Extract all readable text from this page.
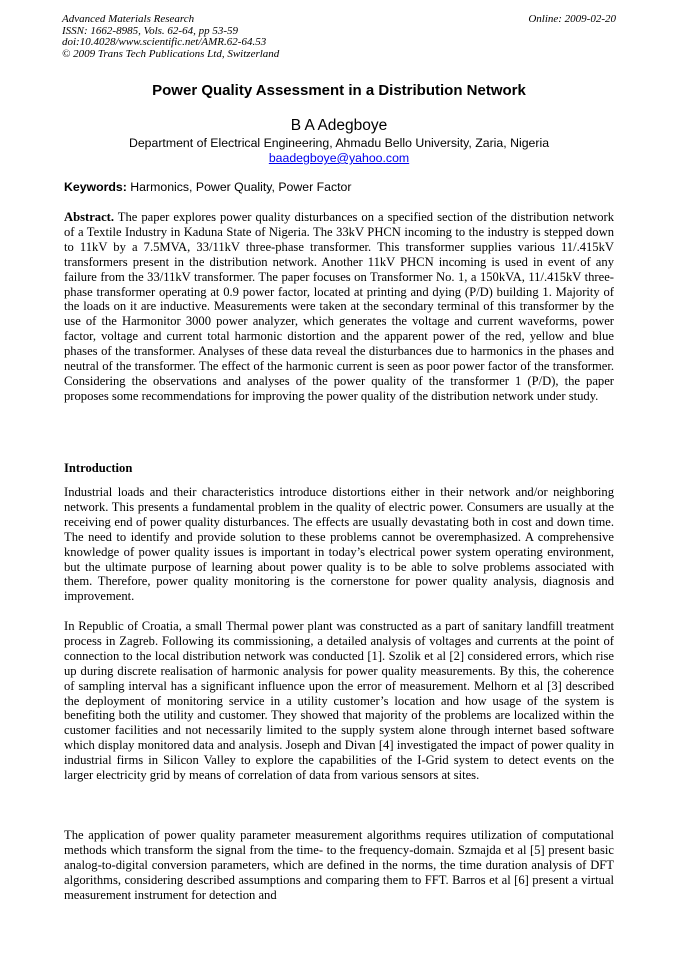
Advanced Materials Research
ISSN: 1662-8985, Vols. 62-64, pp 53-59
doi:10.4028/www.scientific.net/AMR.62-64.53
© 2009 Trans Tech Publications Ltd, Switzerland
Online: 2009-02-20
Power Quality Assessment in a Distribution Network
B A Adegboye
Department of Electrical Engineering, Ahmadu Bello University, Zaria, Nigeria
baadegboye@yahoo.com
Keywords: Harmonics, Power Quality, Power Factor
Abstract. The paper explores power quality disturbances on a specified section of the distribution network of a Textile Industry in Kaduna State of Nigeria. The 33kV PHCN incoming to the industry is stepped down to 11kV by a 7.5MVA, 33/11kV three-phase transformer. This transformer supplies various 11/.415kV transformers present in the distribution network. Another 11kV PHCN incoming is used in event of any failure from the 33/11kV transformer. The paper focuses on Transformer No. 1, a 150kVA, 11/.415kV three-phase transformer operating at 0.9 power factor, located at printing and dying (P/D) building 1. Majority of the loads on it are inductive. Measurements were taken at the secondary terminal of this transformer by the use of the Harmonitor 3000 power analyzer, which generates the voltage and current waveforms, power factor, voltage and current total harmonic distortion and the apparent power of the red, yellow and blue phases of the transformer. Analyses of these data reveal the disturbances due to harmonics in the phases and neutral of the transformer. The effect of the harmonic current is seen as poor power factor of the transformer. Considering the observations and analyses of the power quality of the transformer 1 (P/D), the paper proposes some recommendations for improving the power quality of the distribution network under study.
Introduction
Industrial loads and their characteristics introduce distortions either in their network and/or neighboring network. This presents a fundamental problem in the quality of electric power. Consumers are usually at the receiving end of power quality disturbances. The effects are usually devastating both in cost and down time. The need to identify and provide solution to these problems cannot be overemphasized. A comprehensive knowledge of power quality issues is important in today’s electrical power system operating environment, but the ultimate purpose of learning about power quality is to be able to solve problems associated with them. Therefore, power quality monitoring is the cornerstone for power quality analysis, diagnosis and improvement.
In Republic of Croatia, a small Thermal power plant was constructed as a part of sanitary landfill treatment process in Zagreb. Following its commissioning, a detailed analysis of voltages and currents at the point of connection to the local distribution network was conducted [1]. Szolik et al [2] considered errors, which rise up during discrete realisation of harmonic analysis for power quality measurements. By this, the coherence of sampling interval has a significant influence upon the error of measurement. Melhorn et al [3] described the deployment of monitoring service in a utility customer’s location and how usage of the system is benefiting both the utility and customer. They showed that majority of the problems are localized within the customer facilities and not necessarily limited to the supply system alone through internet based software which display monitored data and analysis. Joseph and Divan [4] investigated the impact of power quality in industrial firms in Silicon Valley to explore the capabilities of the I-Grid system to detect events on the larger electricity grid by means of correlation of data from various sensors at sites.
The application of power quality parameter measurement algorithms requires utilization of computational methods which transform the signal from the time- to the frequency-domain. Szmajda et al [5] present basic analog-to-digital conversion parameters, which are defined in the norms, the time duration analysis of DFT algorithms, considering described assumptions and comparing them to FFT. Barros et al [6] present a virtual measurement instrument for detection and
